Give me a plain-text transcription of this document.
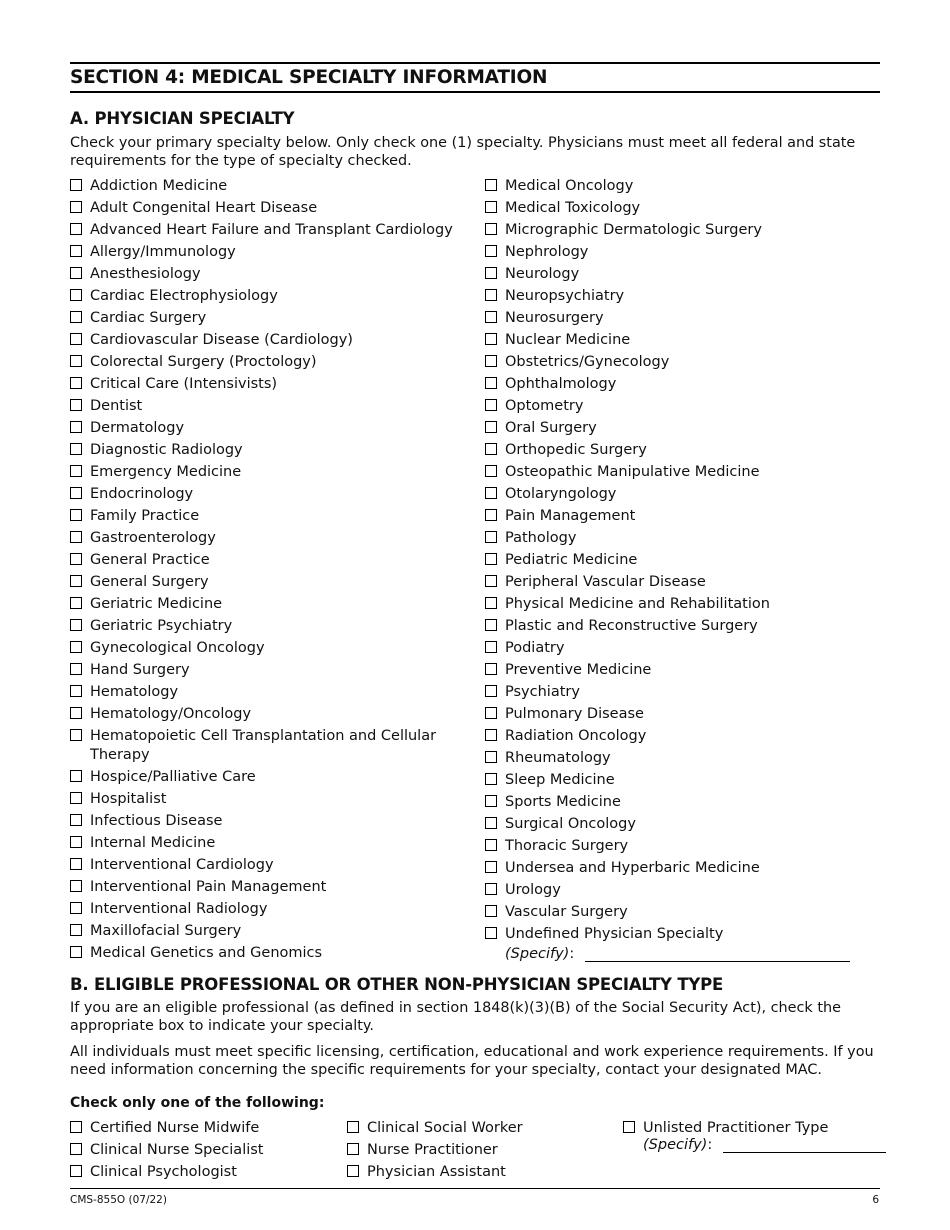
SECTION 4: MEDICAL SPECIALTY INFORMATION
A. PHYSICIAN SPECIALTY
Check your primary specialty below. Only check one (1) specialty. Physicians must meet all federal and state requirements for the type of specialty checked.
Addiction Medicine
Adult Congenital Heart Disease
Advanced Heart Failure and Transplant Cardiology
Allergy/Immunology
Anesthesiology
Cardiac Electrophysiology
Cardiac Surgery
Cardiovascular Disease (Cardiology)
Colorectal Surgery (Proctology)
Critical Care (Intensivists)
Dentist
Dermatology
Diagnostic Radiology
Emergency Medicine
Endocrinology
Family Practice
Gastroenterology
General Practice
General Surgery
Geriatric Medicine
Geriatric Psychiatry
Gynecological Oncology
Hand Surgery
Hematology
Hematology/Oncology
Hematopoietic Cell Transplantation and Cellular Therapy
Hospice/Palliative Care
Hospitalist
Infectious Disease
Internal Medicine
Interventional Cardiology
Interventional Pain Management
Interventional Radiology
Maxillofacial Surgery
Medical Genetics and Genomics
Medical Oncology
Medical Toxicology
Micrographic Dermatologic Surgery
Nephrology
Neurology
Neuropsychiatry
Neurosurgery
Nuclear Medicine
Obstetrics/Gynecology
Ophthalmology
Optometry
Oral Surgery
Orthopedic Surgery
Osteopathic Manipulative Medicine
Otolaryngology
Pain Management
Pathology
Pediatric Medicine
Peripheral Vascular Disease
Physical Medicine and Rehabilitation
Plastic and Reconstructive Surgery
Podiatry
Preventive Medicine
Psychiatry
Pulmonary Disease
Radiation Oncology
Rheumatology
Sleep Medicine
Sports Medicine
Surgical Oncology
Thoracic Surgery
Undersea and Hyperbaric Medicine
Urology
Vascular Surgery
Undefined Physician Specialty
(Specify):
B. ELIGIBLE PROFESSIONAL OR OTHER NON-PHYSICIAN SPECIALTY TYPE
If you are an eligible professional (as defined in section 1848(k)(3)(B) of the Social Security Act), check the appropriate box to indicate your specialty.
All individuals must meet specific licensing, certification, educational and work experience requirements. If you need information concerning the specific requirements for your specialty, contact your designated MAC.
Check only one of the following:
Certified Nurse Midwife
Clinical Nurse Specialist
Clinical Psychologist
Clinical Social Worker
Nurse Practitioner
Physician Assistant
Unlisted Practitioner Type
(Specify):
CMS-855O (07/22)	6
